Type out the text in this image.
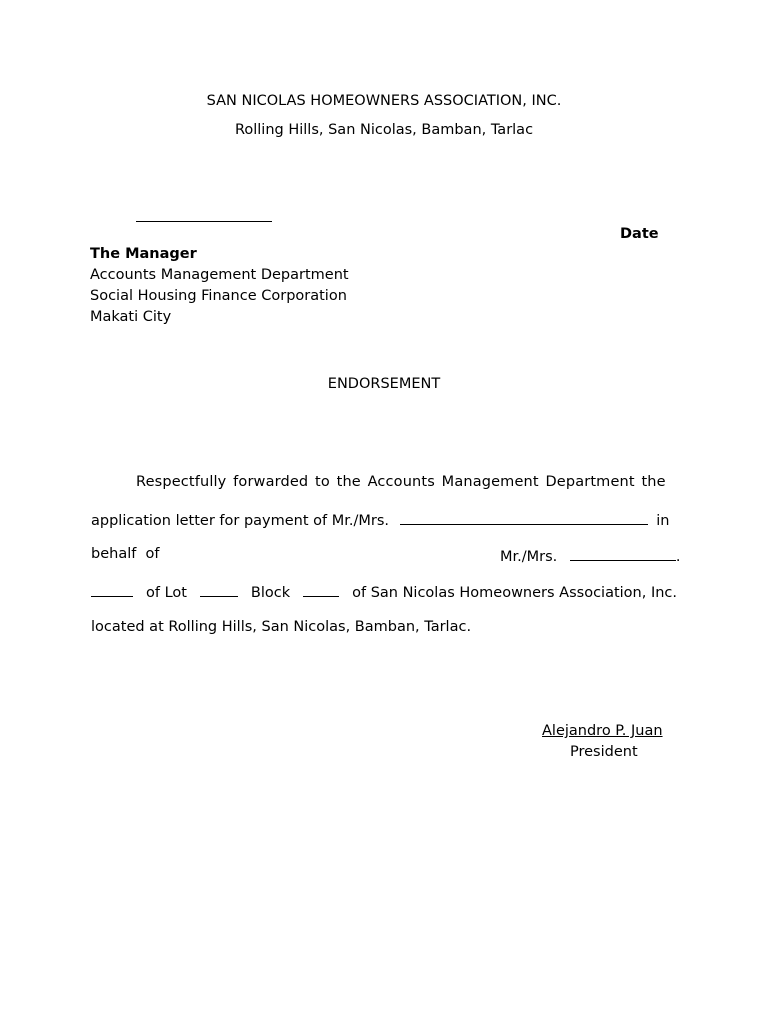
SAN NICOLAS HOMEOWNERS ASSOCIATION, INC.
Rolling Hills, San Nicolas, Bamban, Tarlac
Date
The Manager
Accounts Management Department
Social Housing Finance Corporation
Makati City
ENDORSEMENT
Respectfully forwarded to the Accounts Management Department the
application letter for payment of Mr./Mrs.	in
behalf  of	Mr./Mrs.	.
of Lot	Block	of San Nicolas Homeowners Association, Inc.
located at Rolling Hills, San Nicolas, Bamban, Tarlac.
Alejandro P. Juan
President
